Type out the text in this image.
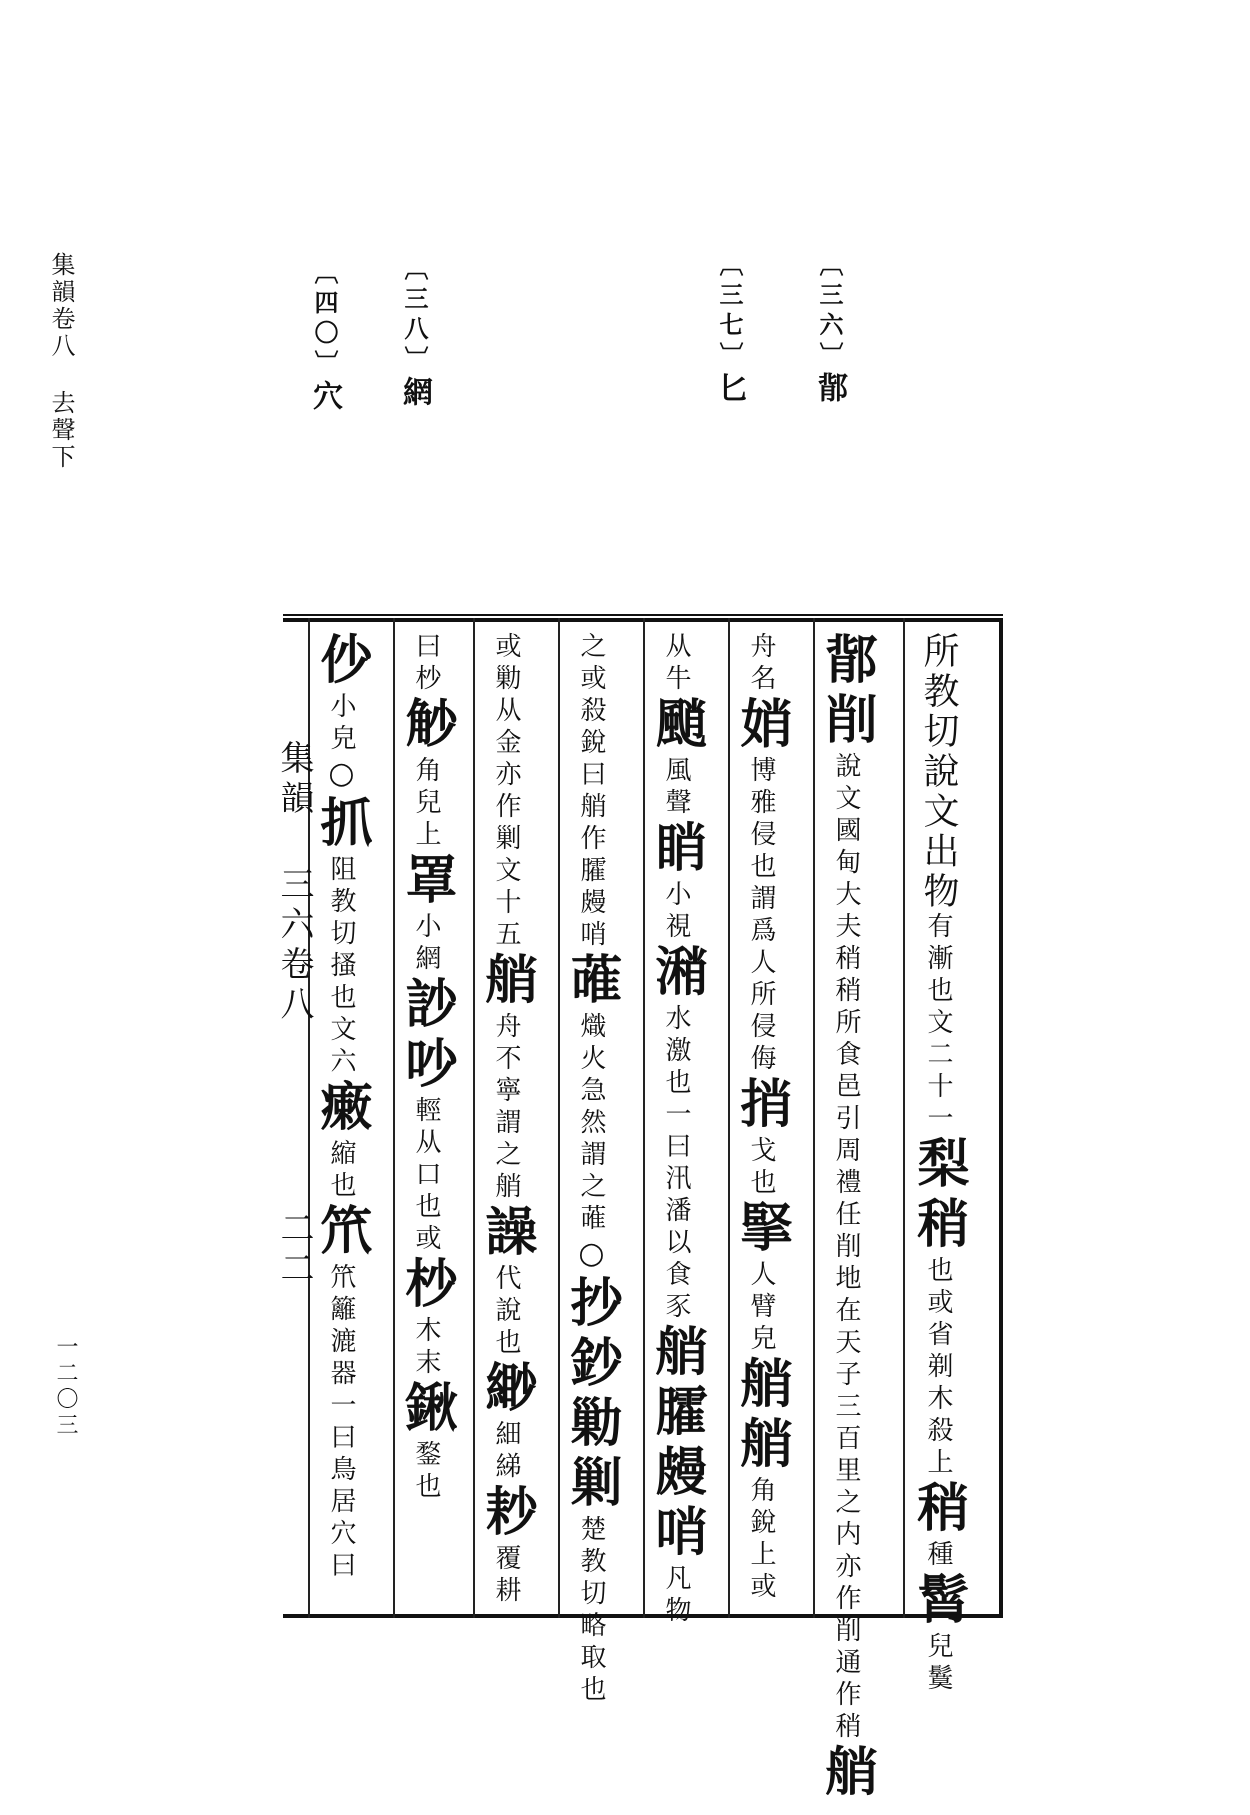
集韻卷八去聲下
一二〇三
〔三六〕鄁
〔三七〕匕
〔三八〕網
〔四〇〕穴
集韻 三六卷八
二二
所教切說文出物有漸也文二十一梨稍也或省剃木殺上稍種髾兒鬕
鄁削說文國甸大夫稍稍所食邑引周禮任削地在天子三百里之内亦作削通作稍艄
舟名娋博雅侵也謂爲人所侵侮捎戈也掔人臂皃艄艄角銳上或
从牛颵風聲睄小視潲水激也一曰汛潘以食豕艄臛㿸哨凡物
之或殺銳曰艄作臛㿸哨蓶熾火急然謂之蓶○抄鈔勦剿楚教切略取也
或勦从金亦作剿文十五艄舟不寧謂之艄譟代說也緲細綈耖覆耕
曰杪觘角兒上罩小網訬吵輕从口也或杪木末鍬鍪也
仯小皃○抓阻教切搔也文六瘷縮也笊笊籬漉器一曰鳥居穴曰
